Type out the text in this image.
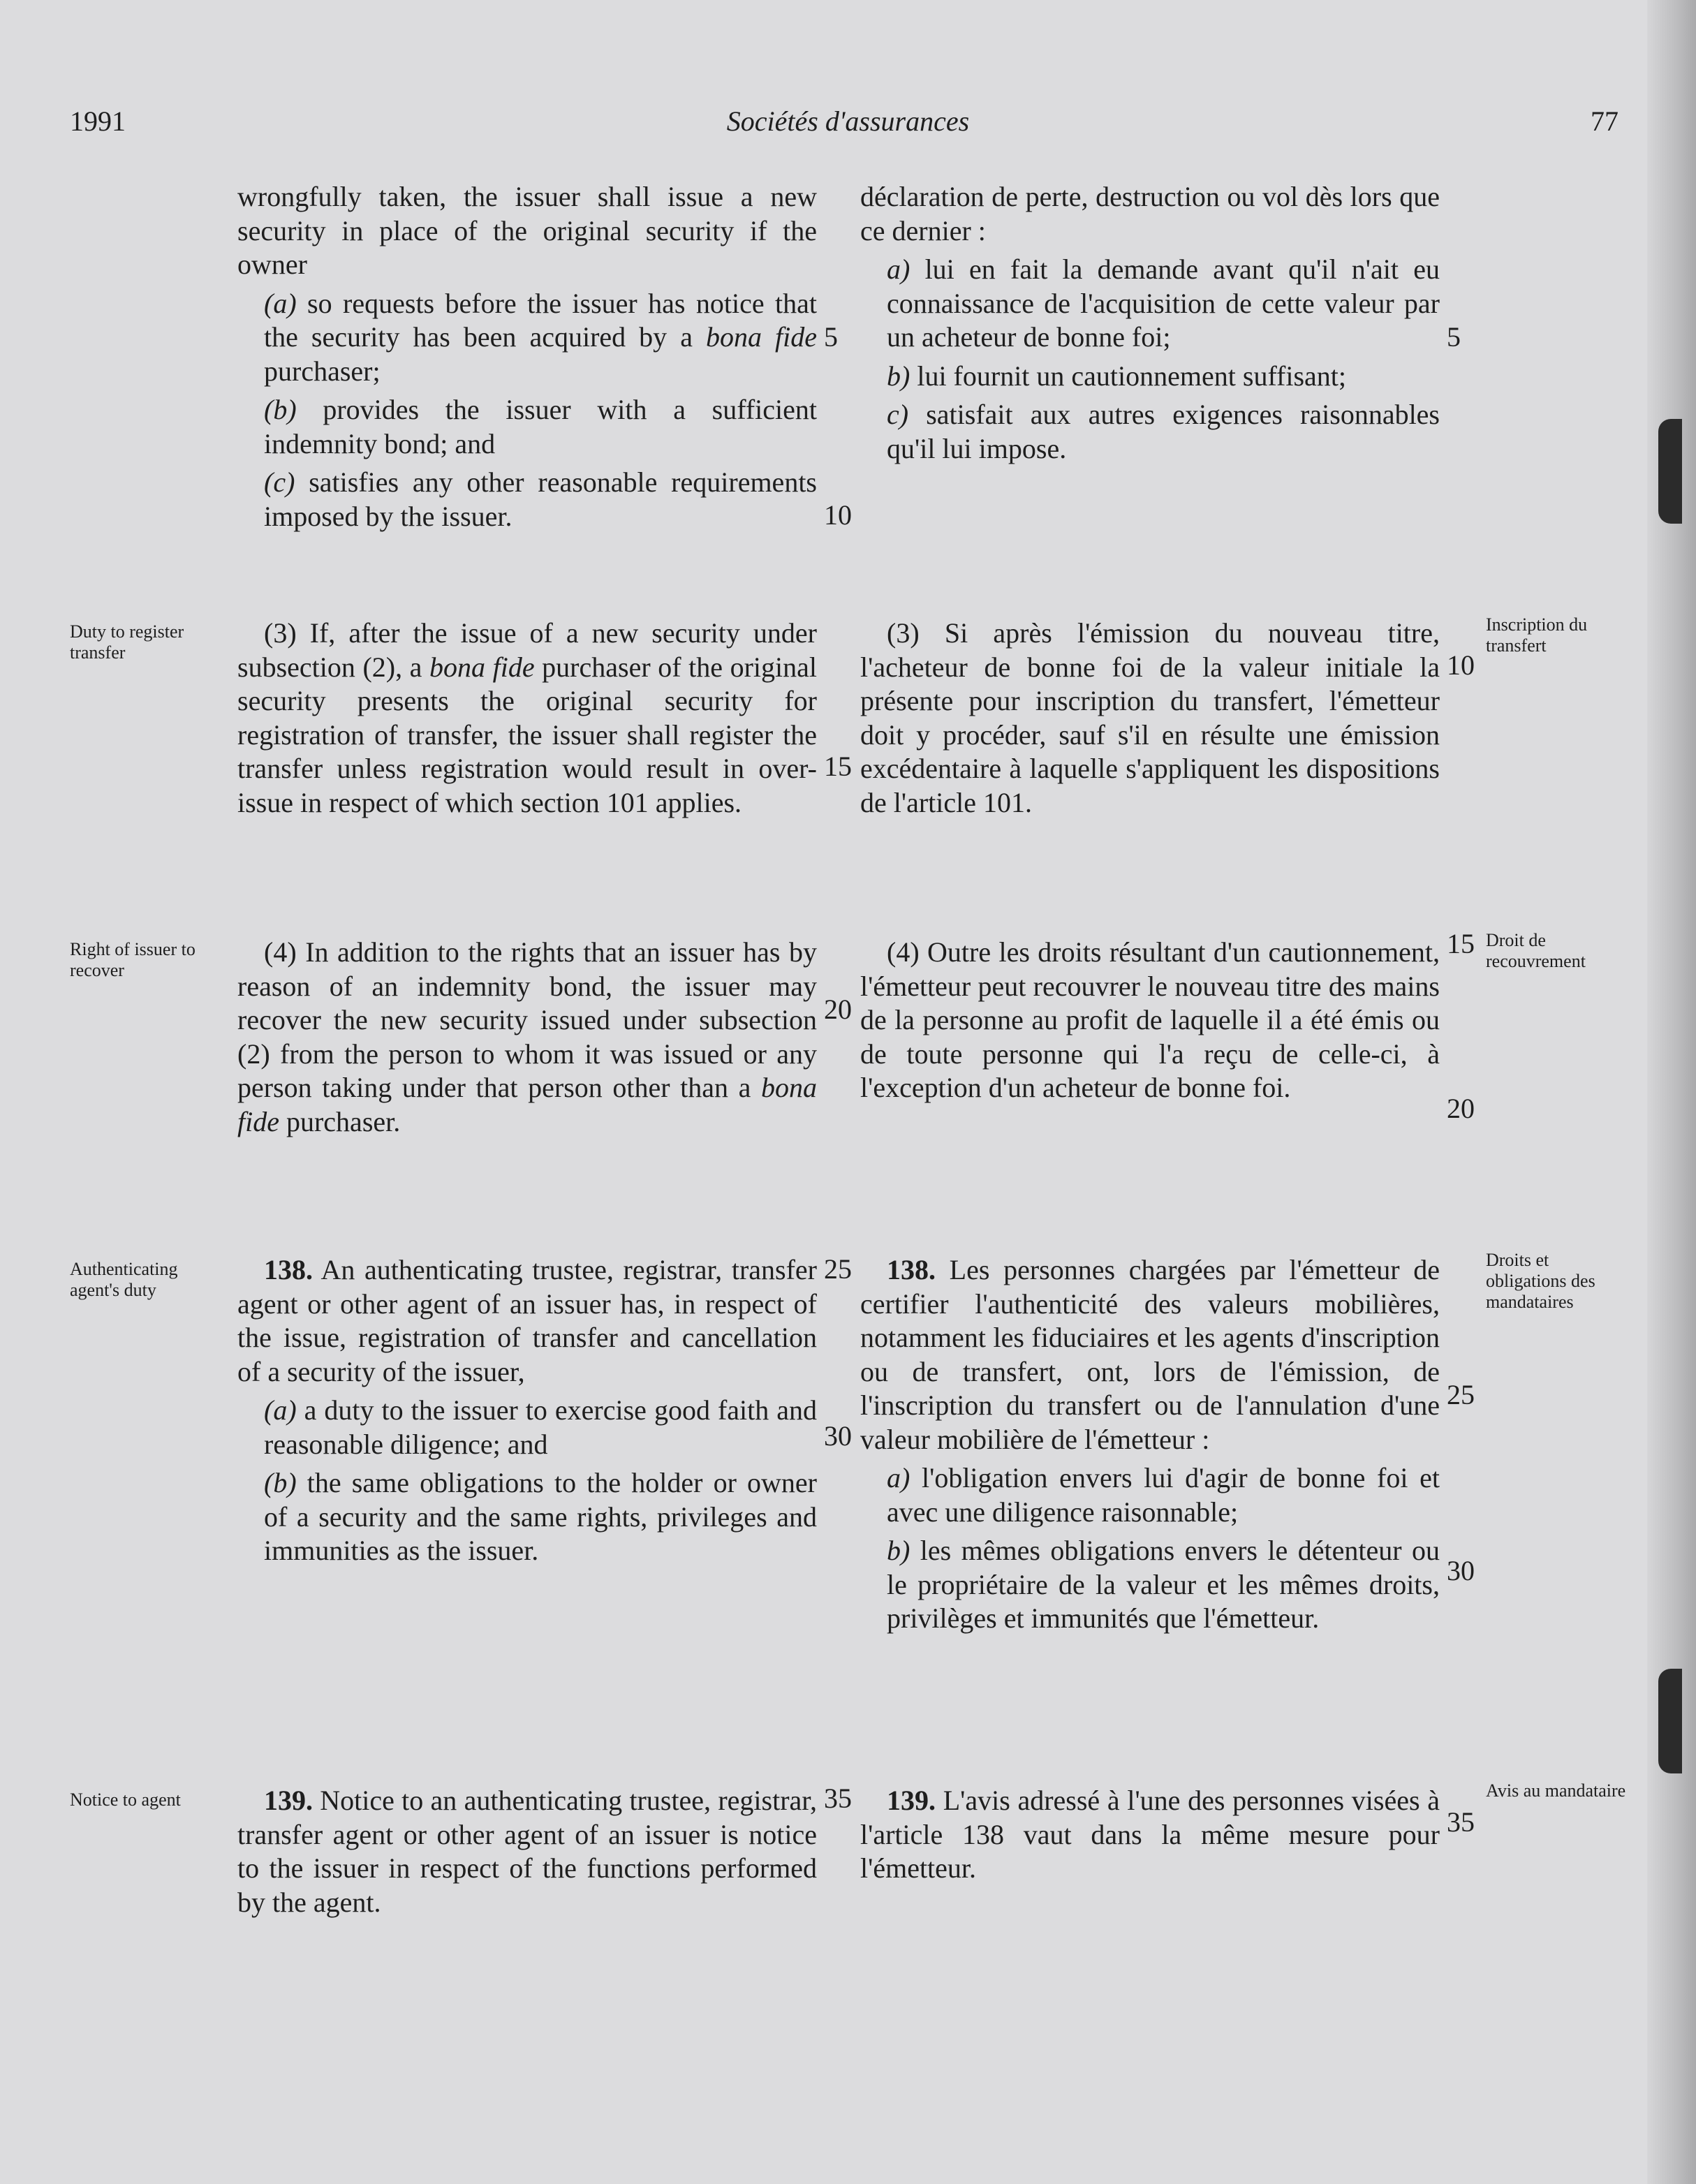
1991	Sociétés d'assurances	77

wrongfully taken, the issuer shall issue a new security in place of the original security if the owner

(a) so requests before the issuer has notice that the security has been acquired by a bona fide purchaser;

(b) provides the issuer with a sufficient indemnity bond; and

(c) satisfies any other reasonable requirements imposed by the issuer.

(3) If, after the issue of a new security under subsection (2), a bona fide purchaser of the original security presents the original security for registration of transfer, the issuer shall register the transfer unless registration would result in over-issue in respect of which section 101 applies.

(4) In addition to the rights that an issuer has by reason of an indemnity bond, the issuer may recover the new security issued under subsection (2) from the person to whom it was issued or any person taking under that person other than a bona fide purchaser.

138. An authenticating trustee, registrar, transfer agent or other agent of an issuer has, in respect of the issue, registration of transfer and cancellation of a security of the issuer,

(a) a duty to the issuer to exercise good faith and reasonable diligence; and

(b) the same obligations to the holder or owner of a security and the same rights, privileges and immunities as the issuer.

139. Notice to an authenticating trustee, registrar, transfer agent or other agent of an issuer is notice to the issuer in respect of the functions performed by the agent.

déclaration de perte, destruction ou vol dès lors que ce dernier :

a) lui en fait la demande avant qu'il n'ait eu connaissance de l'acquisition de cette valeur par un acheteur de bonne foi;

b) lui fournit un cautionnement suffisant;

c) satisfait aux autres exigences raisonnables qu'il lui impose.

(3) Si après l'émission du nouveau titre, l'acheteur de bonne foi de la valeur initiale la présente pour inscription du transfert, l'émetteur doit y procéder, sauf s'il en résulte une émission excédentaire à laquelle s'appliquent les dispositions de l'article 101.

(4) Outre les droits résultant d'un cautionnement, l'émetteur peut recouvrer le nouveau titre des mains de la personne au profit de laquelle il a été émis ou de toute personne qui l'a reçu de celle-ci, à l'exception d'un acheteur de bonne foi.

138. Les personnes chargées par l'émetteur de certifier l'authenticité des valeurs mobilières, notamment les fiduciaires et les agents d'inscription ou de transfert, ont, lors de l'émission, de l'inscription du transfert ou de l'annulation d'une valeur mobilière de l'émetteur :

a) l'obligation envers lui d'agir de bonne foi et avec une diligence raisonnable;

b) les mêmes obligations envers le détenteur ou le propriétaire de la valeur et les mêmes droits, privilèges et immunités que l'émetteur.

139. L'avis adressé à l'une des personnes visées à l'article 138 vaut dans la même mesure pour l'émetteur.

5
10
15
20
25
30
35
5
10
15
20
25
30
35
Duty to register transfer
Right of issuer to recover
Authenticating agent's duty
Notice to agent
Inscription du transfert
Droit de recouvrement
Droits et obligations des mandataires
Avis au mandataire
